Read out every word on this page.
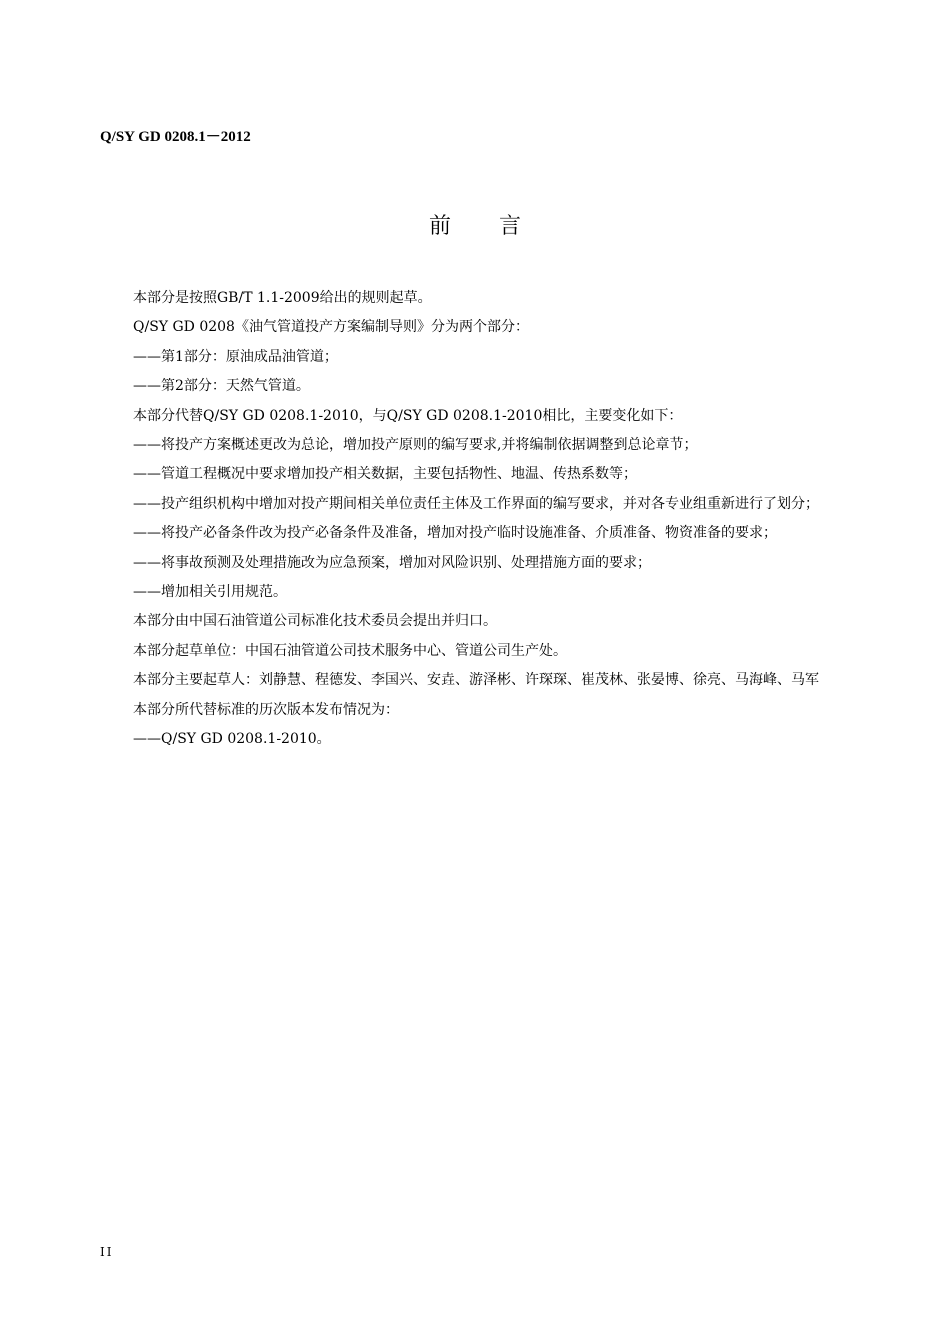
Q/SY GD 0208.1－2012
前言

本部分是按照GB/T 1.1-2009给出的规则起草。

Q/SY GD 0208《油气管道投产方案编制导则》分为两个部分：

——第1部分：原油成品油管道；

——第2部分：天然气管道。

本部分代替Q/SY GD 0208.1-2010，与Q/SY GD 0208.1-2010相比，主要变化如下：

——将投产方案概述更改为总论，增加投产原则的编写要求,并将编制依据调整到总论章节；

——管道工程概况中要求增加投产相关数据，主要包括物性、地温、传热系数等；

——投产组织机构中增加对投产期间相关单位责任主体及工作界面的编写要求，并对各专业组重新进行了划分；

——将投产必备条件改为投产必备条件及准备，增加对投产临时设施准备、介质准备、物资准备的要求；

——将事故预测及处理措施改为应急预案，增加对风险识别、处理措施方面的要求；

——增加相关引用规范。

本部分由中国石油管道公司标准化技术委员会提出并归口。

本部分起草单位：中国石油管道公司技术服务中心、管道公司生产处。

本部分主要起草人：刘静慧、程德发、李国兴、安垚、游泽彬、许琛琛、崔茂林、张晏博、徐亮、马海峰、马军

本部分所代替标准的历次版本发布情况为：

——Q/SY GD 0208.1-2010。

II
